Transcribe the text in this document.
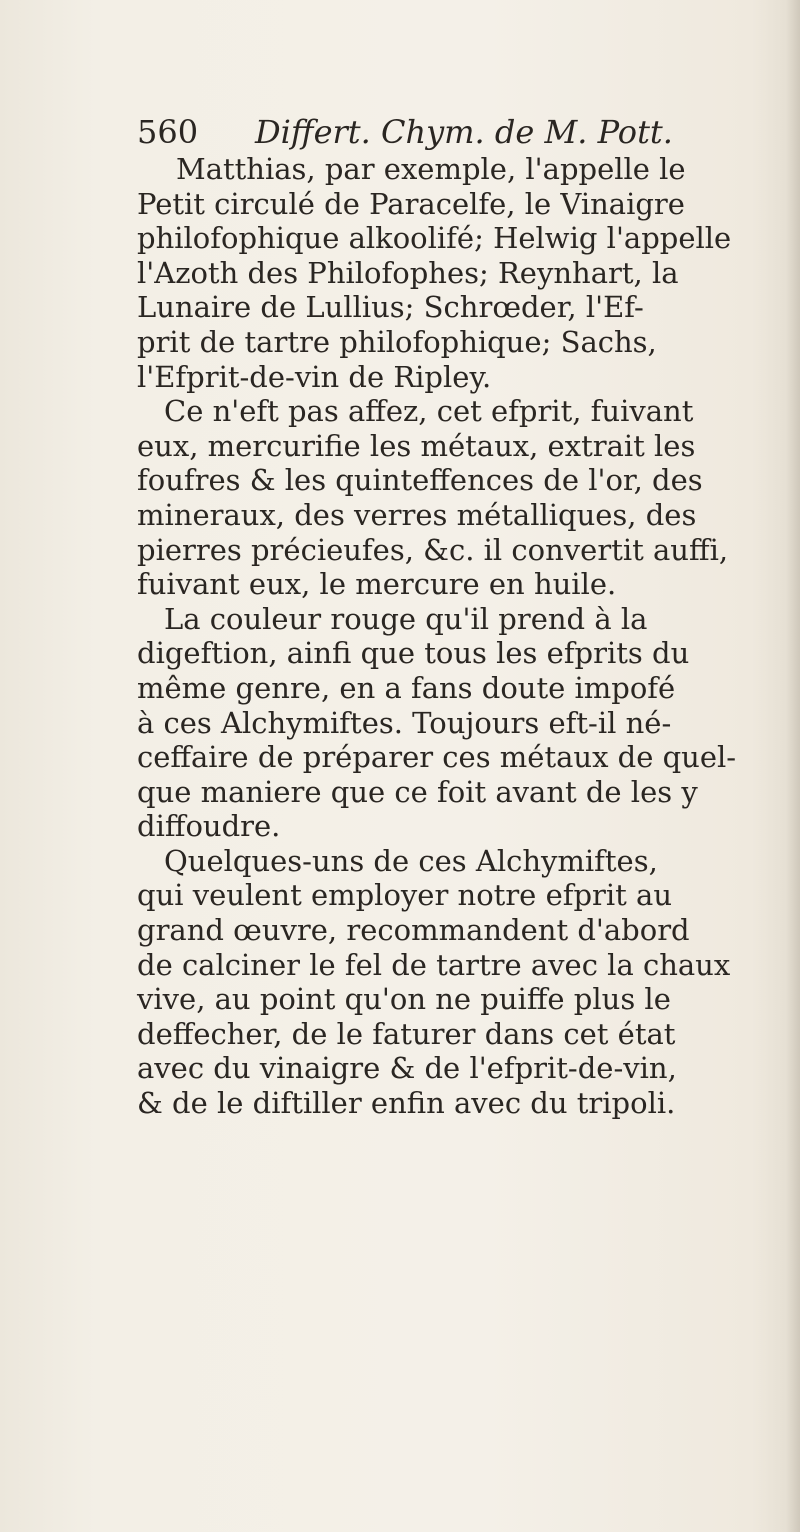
560 Differt. Chym. de M. Pott.
Matthias, par exemple, l'appelle le
Petit circulé de Paracelfe, le Vinaigre
philofophique alkoolifé; Helwig l'appelle
l'Azoth des Philofophes; Reynhart, la
Lunaire de Lullius; Schrœder, l'Ef-
prit de tartre philofophique; Sachs,
l'Efprit-de-vin de Ripley.
Ce n'eft pas affez, cet efprit, fuivant
eux, mercurifie les métaux, extrait les
foufres & les quinteffences de l'or, des
mineraux, des verres métalliques, des
pierres précieufes, &c. il convertit auffi,
fuivant eux, le mercure en huile.
La couleur rouge qu'il prend à la
digeftion, ainfi que tous les efprits du
même genre, en a fans doute impofé
à ces Alchymiftes. Toujours eft-il né-
ceffaire de préparer ces métaux de quel-
que maniere que ce foit avant de les y
diffoudre.
Quelques-uns de ces Alchymiftes,
qui veulent employer notre efprit au
grand œuvre, recommandent d'abord
de calciner le fel de tartre avec la chaux
vive, au point qu'on ne puiffe plus le
deffecher, de le faturer dans cet état
avec du vinaigre & de l'efprit-de-vin,
& de le diftiller enfin avec du tripoli.
